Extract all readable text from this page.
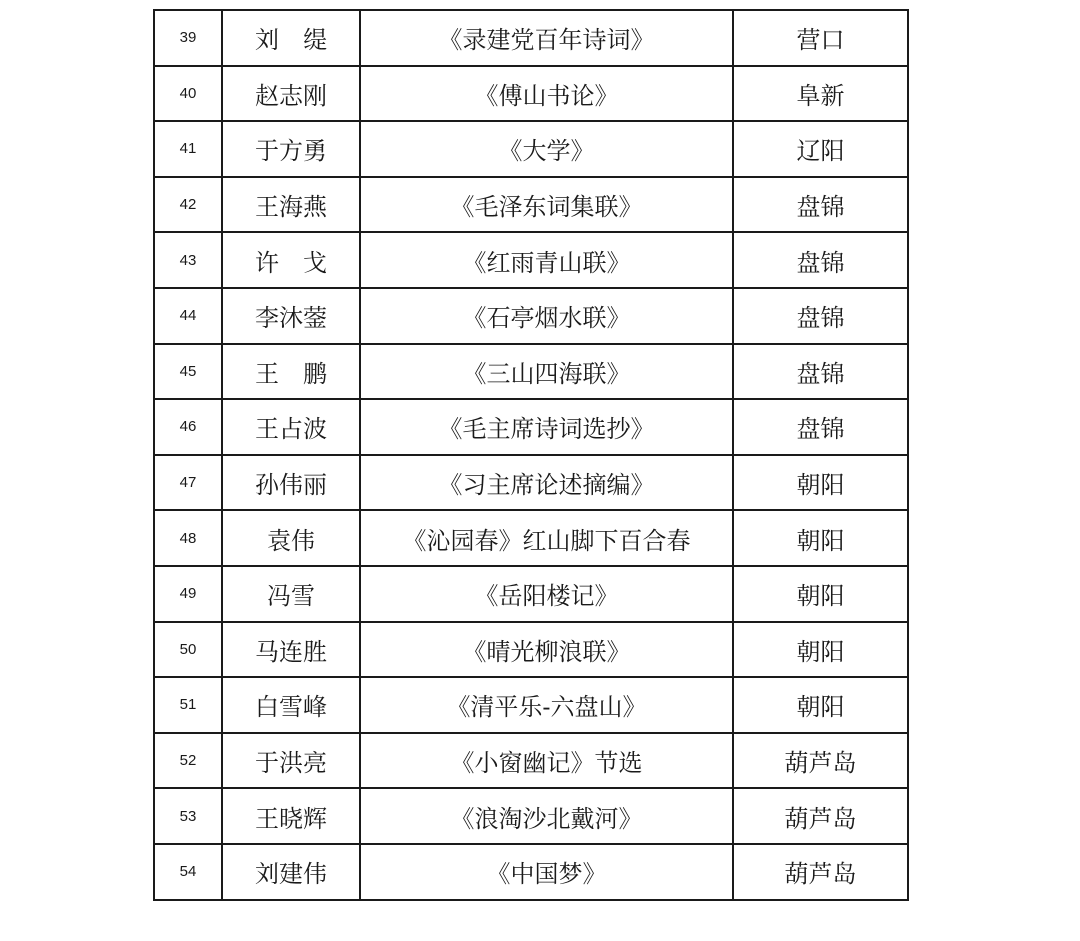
39	刘　缇	《录建党百年诗词》	营口
40	赵志刚	《傅山书论》	阜新
41	于方勇	《大学》	辽阳
42	王海燕	《毛泽东词集联》	盘锦
43	许　戈	《红雨青山联》	盘锦
44	李沐蓥	《石亭烟水联》	盘锦
45	王　鹏	《三山四海联》	盘锦
46	王占波	《毛主席诗词选抄》	盘锦
47	孙伟丽	《习主席论述摘编》	朝阳
48	袁伟	《沁园春》红山脚下百合春	朝阳
49	冯雪	《岳阳楼记》	朝阳
50	马连胜	《晴光柳浪联》	朝阳
51	白雪峰	《清平乐-六盘山》	朝阳
52	于洪亮	《小窗幽记》节选	葫芦岛
53	王晓辉	《浪淘沙北戴河》	葫芦岛
54	刘建伟	《中国梦》	葫芦岛
